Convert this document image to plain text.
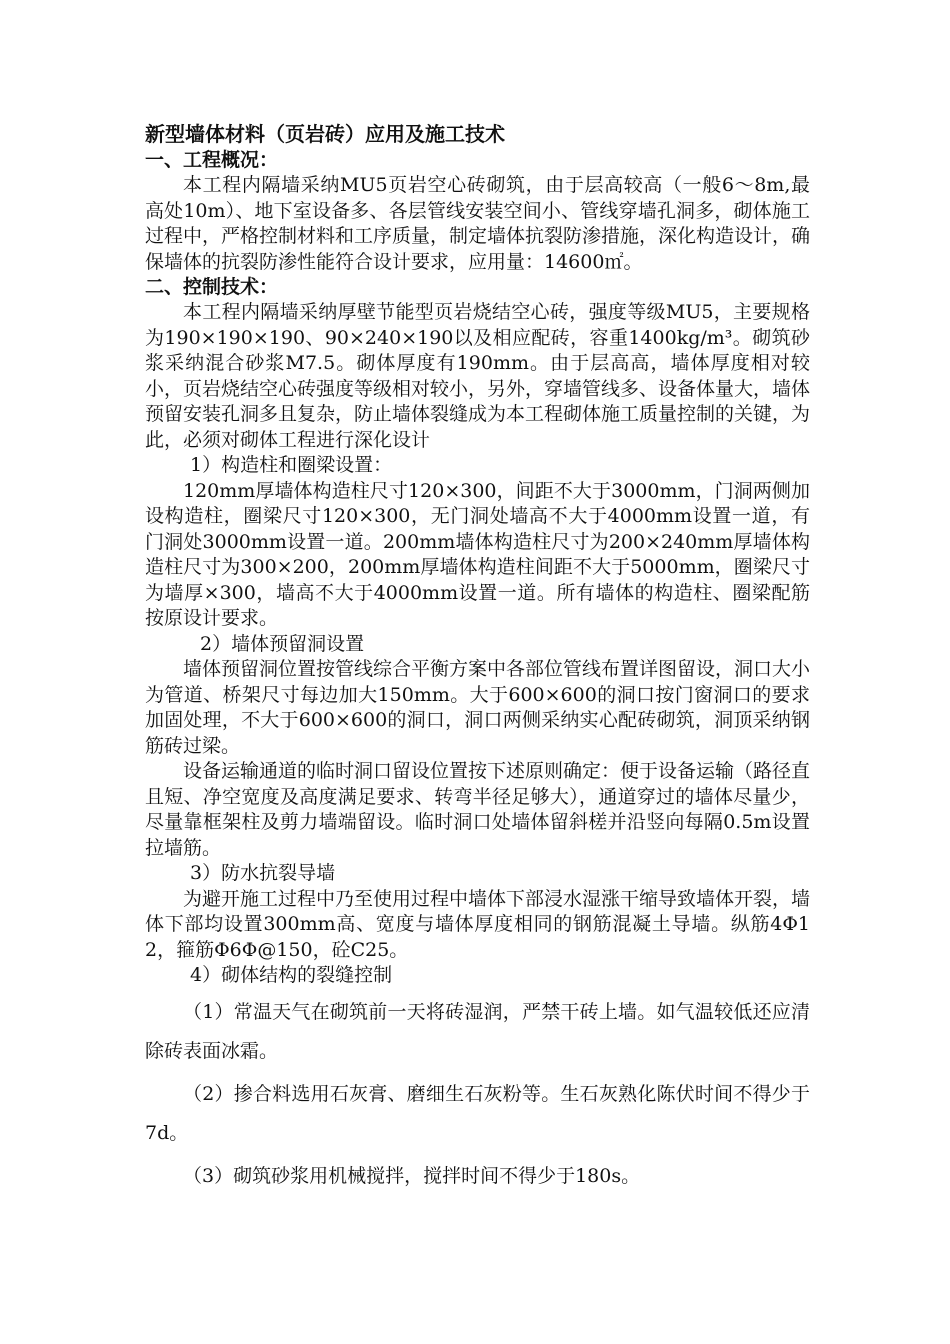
新型墙体材料（页岩砖）应用及施工技术

一、工程概况：

本工程内隔墙采纳MU5页岩空心砖砌筑，由于层高较高（一般6～8m,最高处10m）、地下室设备多、各层管线安装空间小、管线穿墙孔洞多，砌体施工过程中，严格控制材料和工序质量，制定墙体抗裂防渗措施，深化构造设计，确保墙体的抗裂防渗性能符合设计要求，应用量：14600㎡。

二、控制技术：

本工程内隔墙采纳厚壁节能型页岩烧结空心砖，强度等级MU5，主要规格为190×190×190、90×240×190以及相应配砖，容重1400kg/m³。砌筑砂浆采纳混合砂浆M7.5。砌体厚度有190mm。由于层高高，墙体厚度相对较小，页岩烧结空心砖强度等级相对较小，另外，穿墙管线多、设备体量大，墙体预留安装孔洞多且复杂，防止墙体裂缝成为本工程砌体施工质量控制的关键，为此，必须对砌体工程进行深化设计

1）构造柱和圈梁设置：

120mm厚墙体构造柱尺寸120×300，间距不大于3000mm，门洞两侧加设构造柱，圈梁尺寸120×300，无门洞处墙高不大于4000mm设置一道，有门洞处3000mm设置一道。200mm墙体构造柱尺寸为200×240mm厚墙体构造柱尺寸为300×200，200mm厚墙体构造柱间距不大于5000mm，圈梁尺寸为墙厚×300，墙高不大于4000mm设置一道。所有墙体的构造柱、圈梁配筋按原设计要求。

2）墙体预留洞设置

墙体预留洞位置按管线综合平衡方案中各部位管线布置详图留设，洞口大小为管道、桥架尺寸每边加大150mm。大于600×600的洞口按门窗洞口的要求加固处理，不大于600×600的洞口，洞口两侧采纳实心配砖砌筑，洞顶采纳钢筋砖过梁。

设备运输通道的临时洞口留设位置按下述原则确定：便于设备运输（路径直且短、净空宽度及高度满足要求、转弯半径足够大），通道穿过的墙体尽量少，尽量靠框架柱及剪力墙端留设。临时洞口处墙体留斜槎并沿竖向每隔0.5m设置拉墙筋。

3）防水抗裂导墙

为避开施工过程中乃至使用过程中墙体下部浸水湿涨干缩导致墙体开裂，墙体下部均设置300mm高、宽度与墙体厚度相同的钢筋混凝土导墙。纵筋4Φ12，箍筋Φ6Φ@150，砼C25。

4）砌体结构的裂缝控制

（1）常温天气在砌筑前一天将砖湿润，严禁干砖上墙。如气温较低还应清除砖表面冰霜。

（2）掺合料选用石灰膏、磨细生石灰粉等。生石灰熟化陈伏时间不得少于7d。

（3）砌筑砂浆用机械搅拌，搅拌时间不得少于180s。
